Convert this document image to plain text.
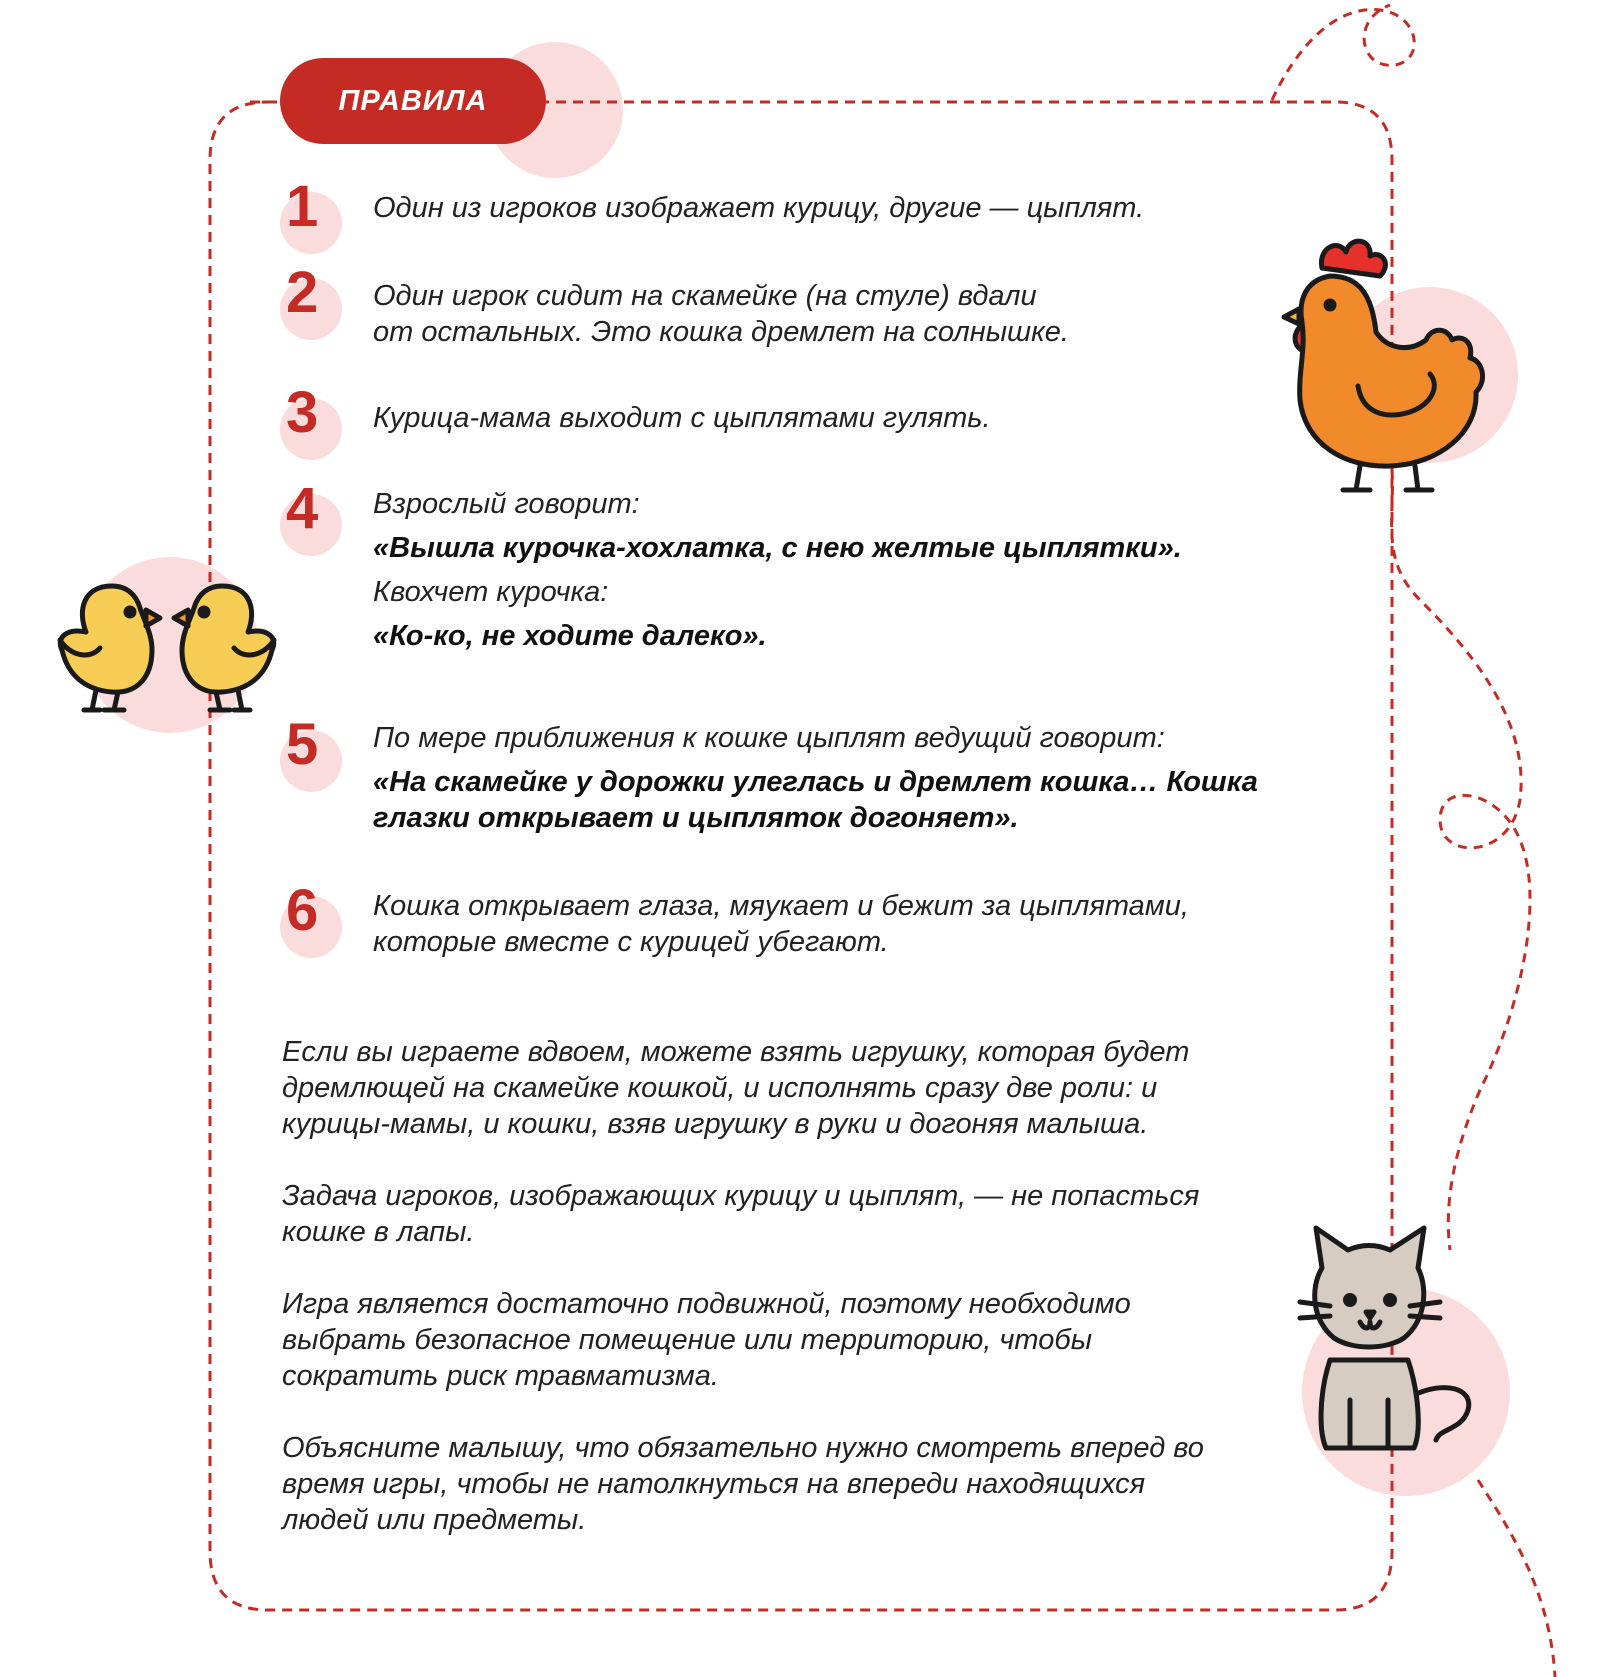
ПРАВИЛА
1 Один из игроков изображает курицу, другие — цыплят.

2 Один игрок сидит на скамейке (на стуле) вдали

от остальных. Это кошка дремлет на солнышке.

3 Курица-мама выходит с цыплятами гулять.

4 Взрослый говорит:

«Вышла курочка-хохлатка, с нею желтые цыплятки».

Квохчет курочка:

«Ко-ко, не ходите далеко».

5 По мере приближения к кошке цыплят ведущий говорит:

«На скамейке у дорожки улеглась и дремлет кошка… Кошка

глазки открывает и цыпляток догоняет».

6 Кошка открывает глаза, мяукает и бежит за цыплятами,

которые вместе с курицей убегают.

Если вы играете вдвоем, можете взять игрушку, которая будет
дремлющей на скамейке кошкой, и исполнять сразу две роли: и
курицы-мамы, и кошки, взяв игрушку в руки и догоняя малыша.
Задача игроков, изображающих курицу и цыплят, — не попасться
кошке в лапы.
Игра является достаточно подвижной, поэтому необходимо
выбрать безопасное помещение или территорию, чтобы
сократить риск травматизма.
Объясните малышу, что обязательно нужно смотреть вперед во
время игры, чтобы не натолкнуться на впереди находящихся
людей или предметы.
